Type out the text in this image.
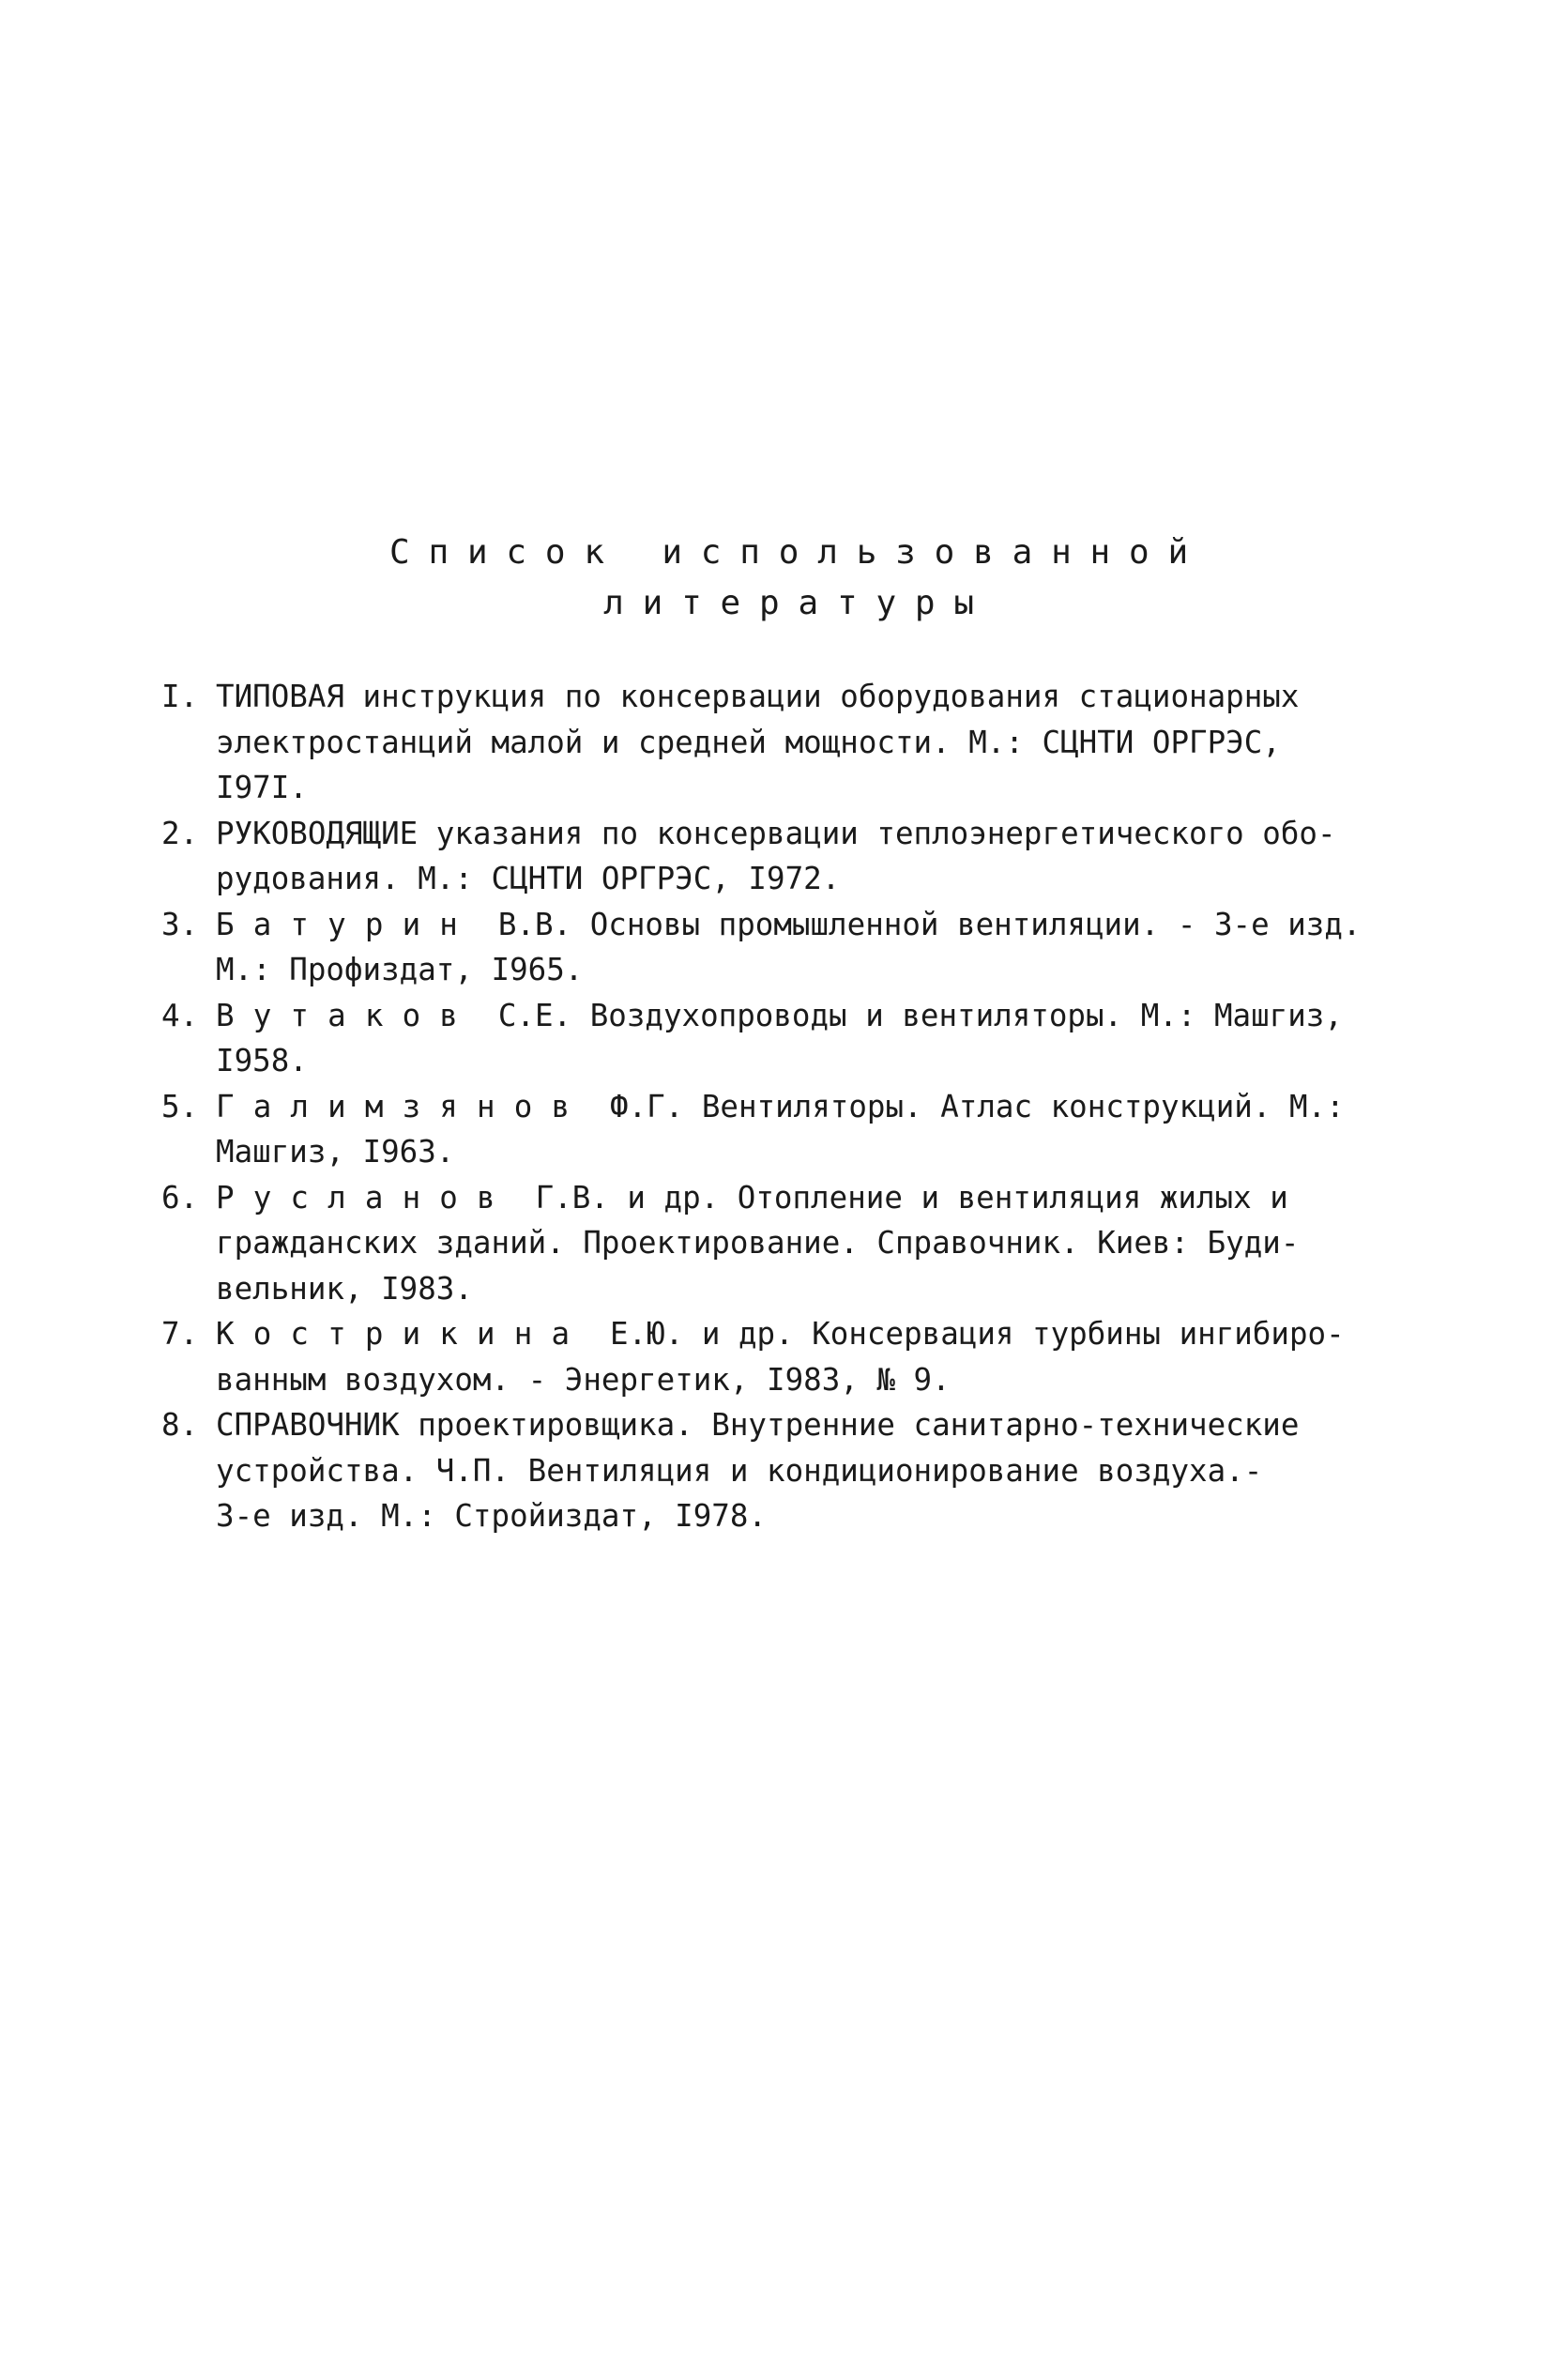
Список использованной
литературы
I. ТИПОВАЯ инструкция по консервации оборудования стационарных
электростанций малой и средней мощности. М.: СЦНТИ ОРГРЭС,
I97I.
2. РУКОВОДЯЩИЕ указания по консервации теплоэнергетического обо-
рудования. М.: СЦНТИ ОРГРЭС, I972.
3. Батурин В.В. Основы промышленной вентиляции. - 3-е изд.
М.: Профиздат, I965.
4. Вутаков С.Е. Воздухопроводы и вентиляторы. М.: Машгиз,
I958.
5. Галимзянов Ф.Г. Вентиляторы. Атлас конструкций. М.:
Машгиз, I963.
6. Русланов Г.В. и др. Отопление и вентиляция жилых и
гражданских зданий. Проектирование. Справочник. Киев: Буди-
вельник, I983.
7. Кострикина Е.Ю. и др. Консервация турбины ингибиро-
ванным воздухом. - Энергетик, I983, № 9.
8. СПРАВОЧНИК проектировщика. Внутренние санитарно-технические
устройства. Ч.П. Вентиляция и кондиционирование воздуха.-
3-е изд. М.: Стройиздат, I978.
